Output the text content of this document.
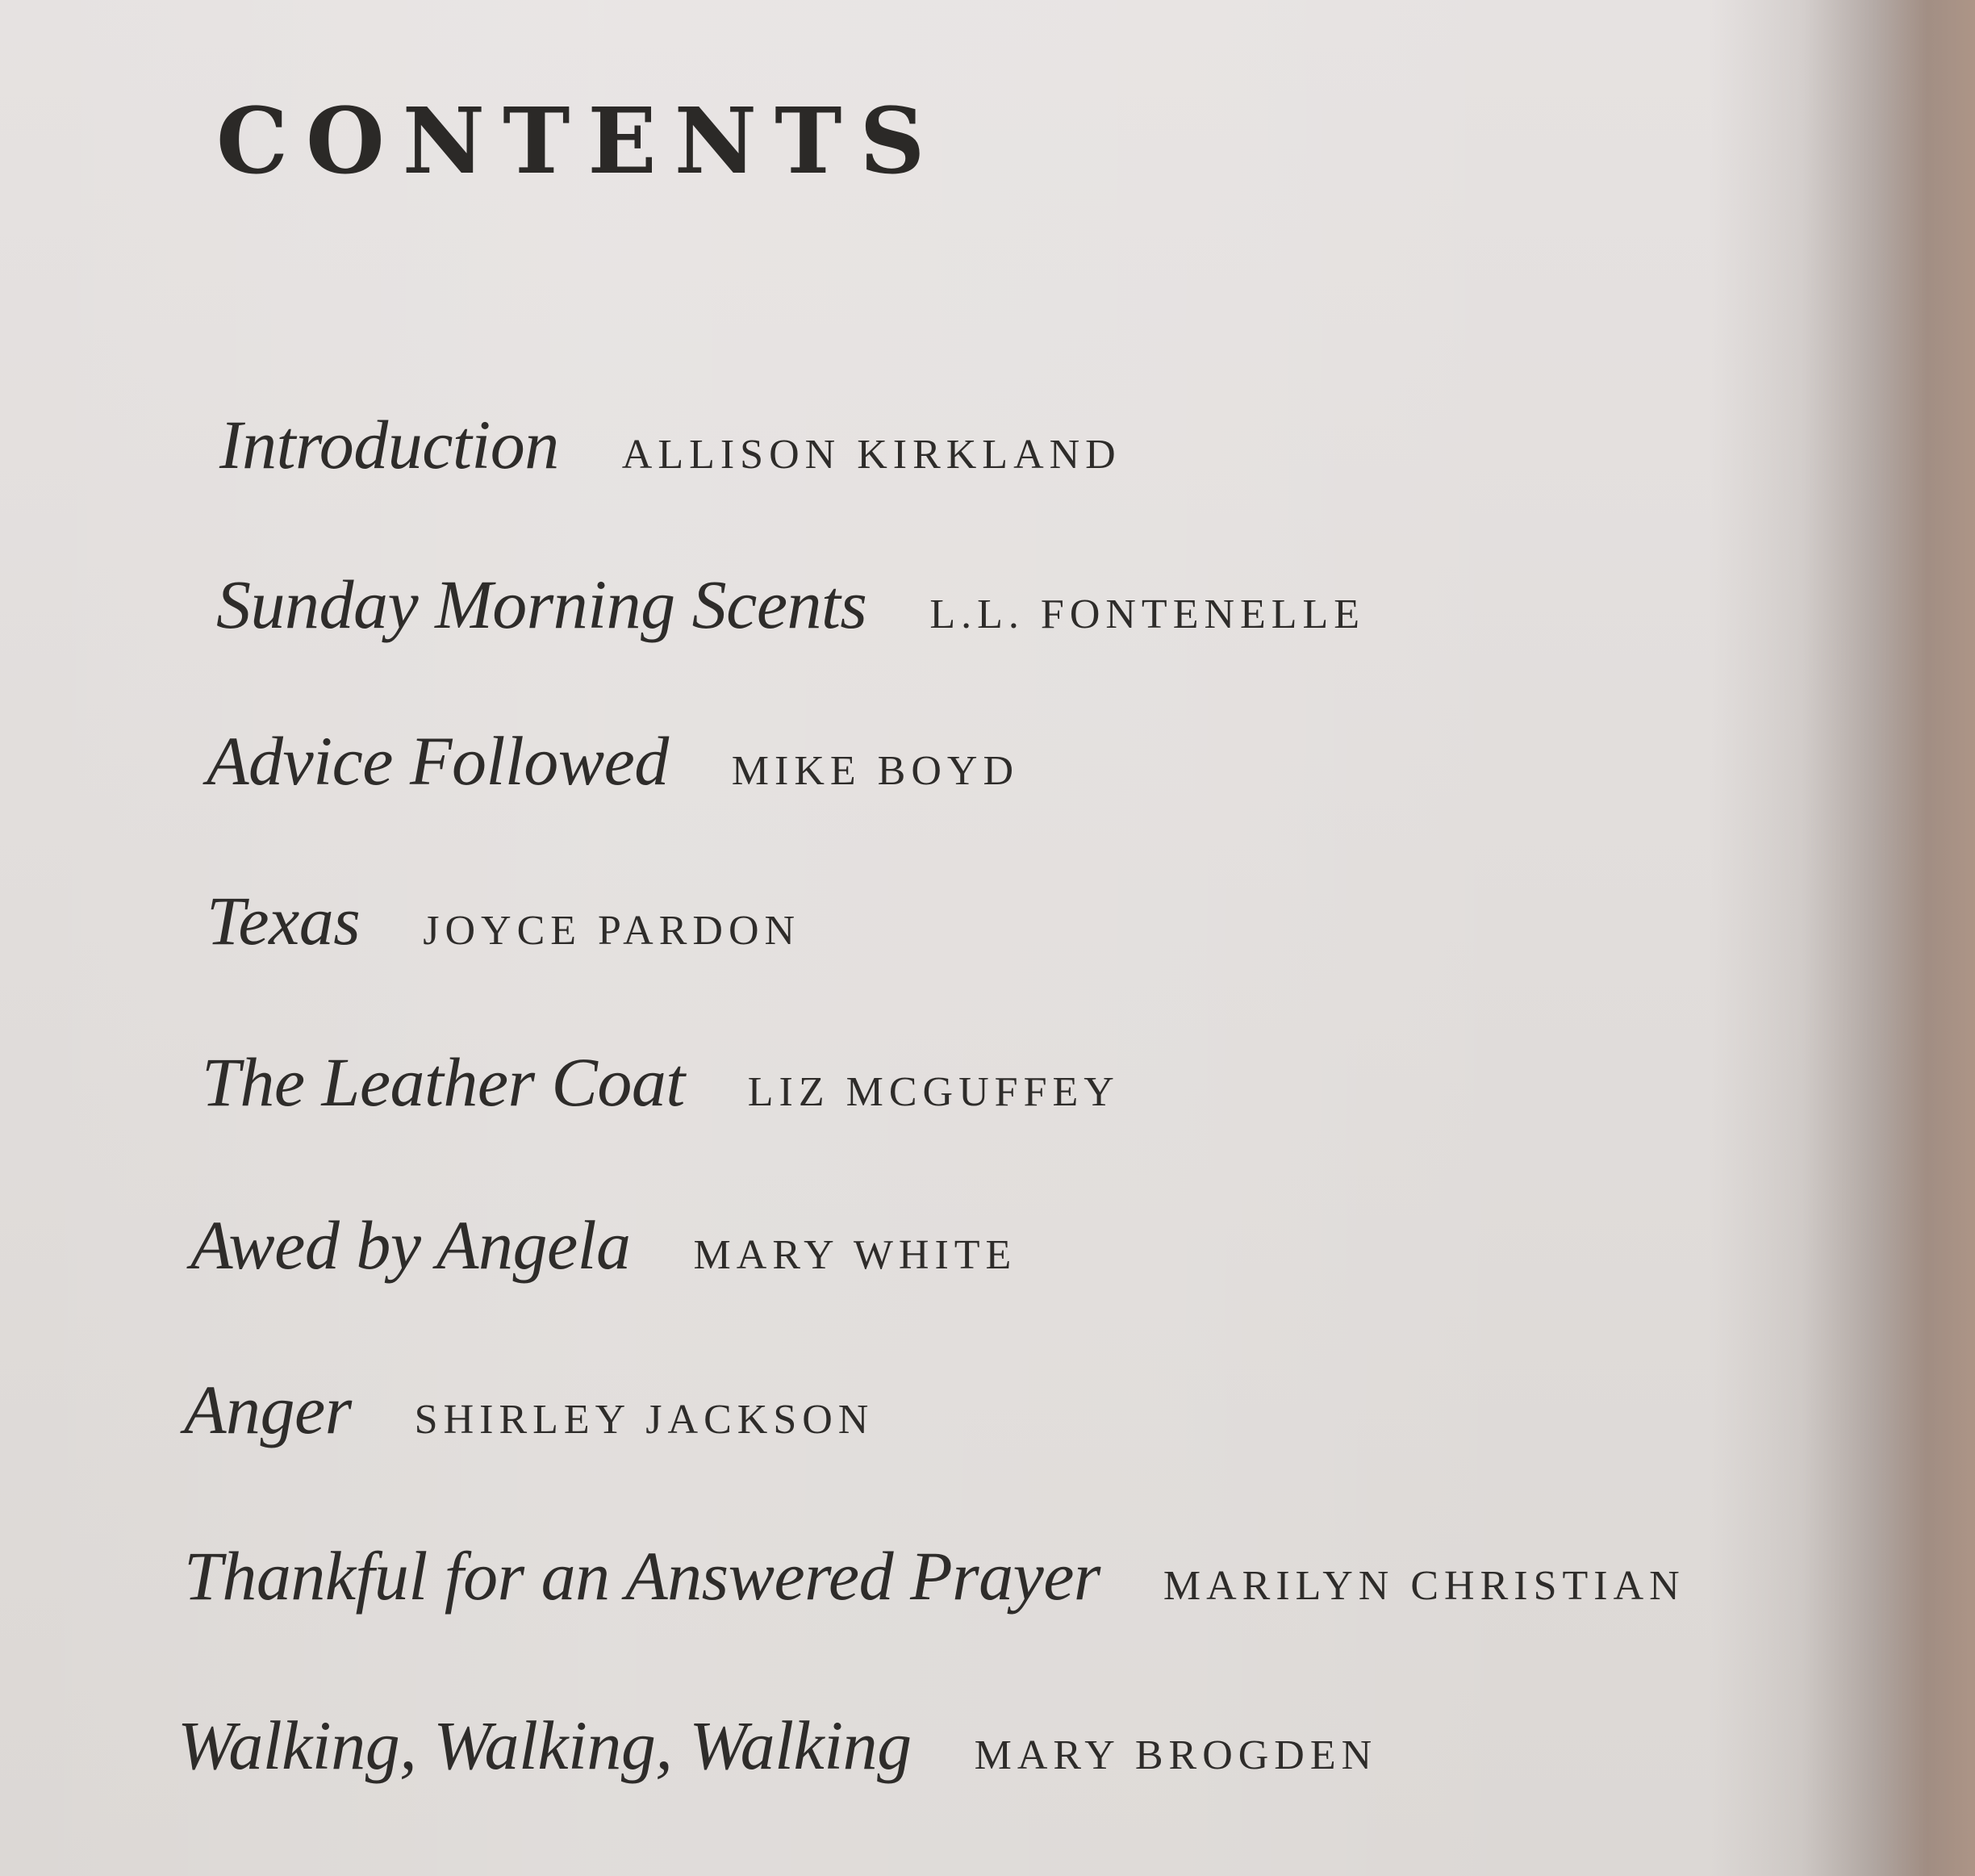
CONTENTS
Introduction ALLISON KIRKLAND
Sunday Morning Scents L.L. FONTENELLE
Advice Followed MIKE BOYD
Texas JOYCE PARDON
The Leather Coat LIZ MCGUFFEY
Awed by Angela MARY WHITE
Anger SHIRLEY JACKSON
Thankful for an Answered Prayer MARILYN CHRISTIAN
Walking, Walking, Walking MARY BROGDEN
